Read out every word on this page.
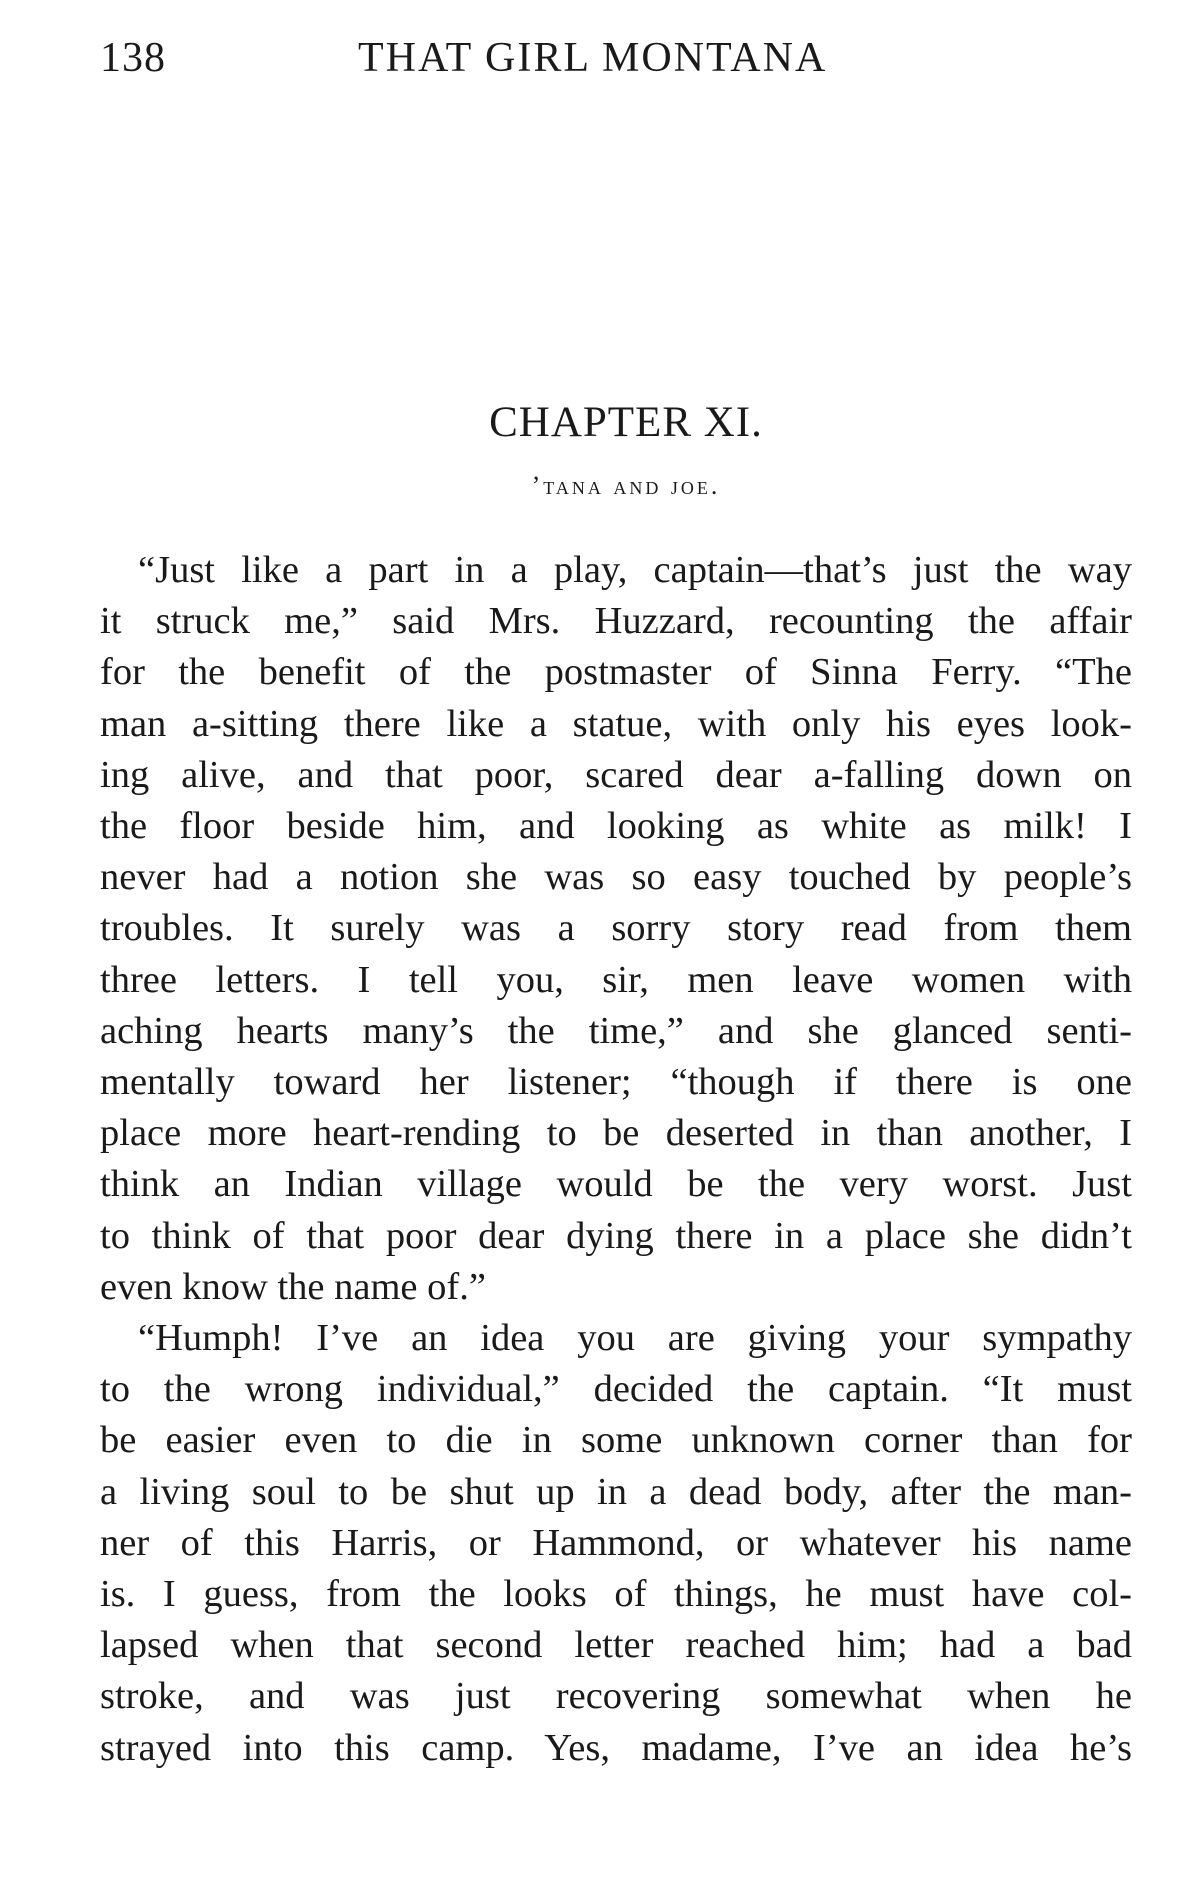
138	THAT GIRL MONTANA
CHAPTER XI.
’tana and joe.

“Just like a part in a play, captain—that’s just the way
it struck me,” said Mrs. Huzzard, recounting the affair
for the benefit of the postmaster of Sinna Ferry. “The
man a-sitting there like a statue, with only his eyes look-
ing alive, and that poor, scared dear a-falling down on
the floor beside him, and looking as white as milk! I
never had a notion she was so easy touched by people’s
troubles. It surely was a sorry story read from them
three letters. I tell you, sir, men leave women with
aching hearts many’s the time,” and she glanced senti-
mentally toward her listener; “though if there is one
place more heart-rending to be deserted in than another, I
think an Indian village would be the very worst. Just
to think of that poor dear dying there in a place she didn’t
even know the name of.”

“Humph! I’ve an idea you are giving your sympathy
to the wrong individual,” decided the captain. “It must
be easier even to die in some unknown corner than for
a living soul to be shut up in a dead body, after the man-
ner of this Harris, or Hammond, or whatever his name
is. I guess, from the looks of things, he must have col-
lapsed when that second letter reached him; had a bad
stroke, and was just recovering somewhat when he
strayed into this camp. Yes, madame, I’ve an idea he’s
